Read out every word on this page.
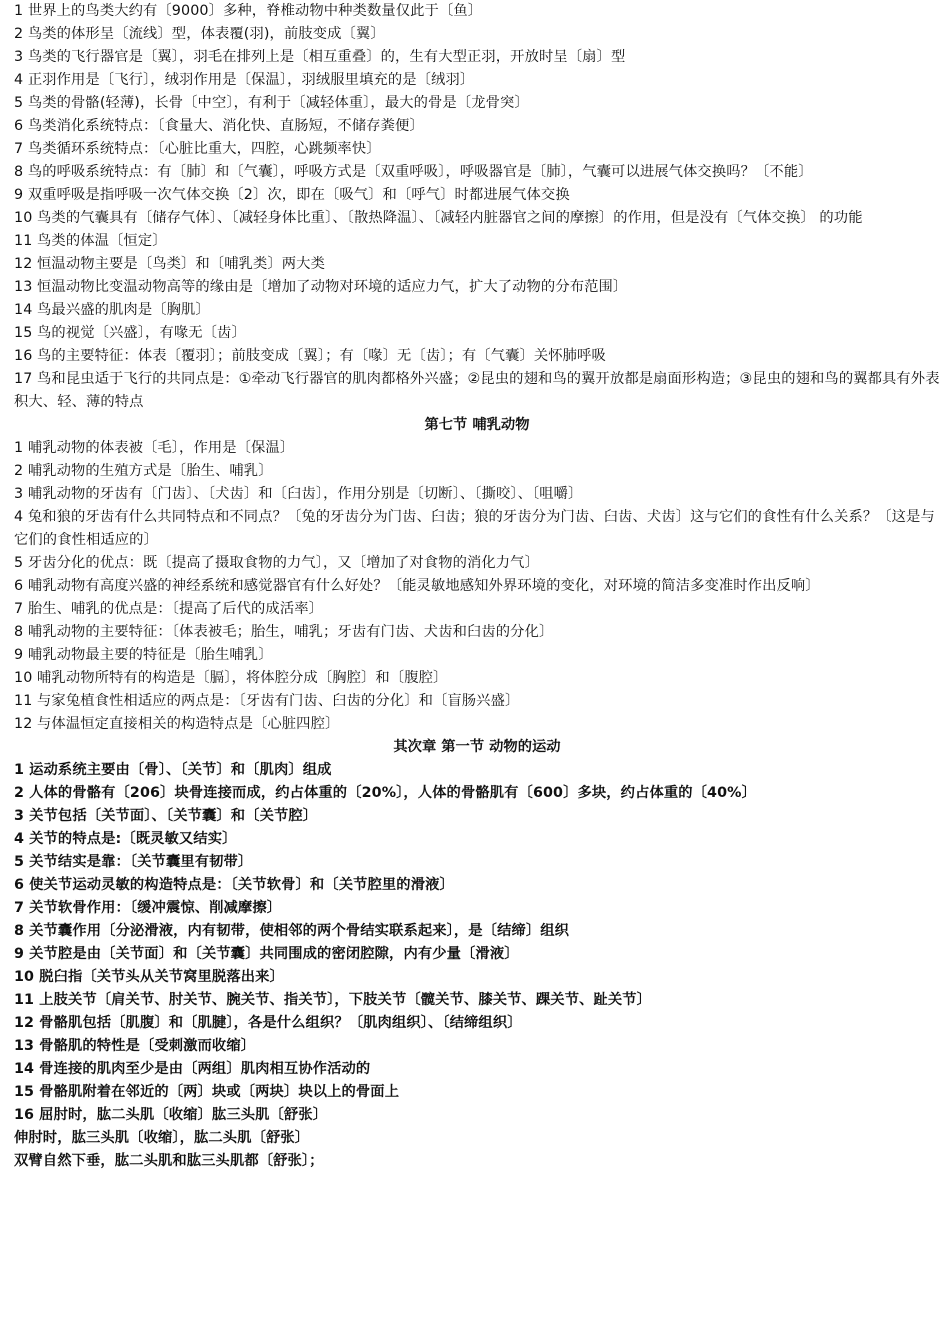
1 世界上的鸟类大约有〔9000〕多种，脊椎动物中种类数量仅此于〔鱼〕
2 鸟类的体形呈〔流线〕型，体表覆(羽)，前肢变成〔翼〕
3 鸟类的飞行器官是〔翼〕，羽毛在排列上是〔相互重叠〕的，生有大型正羽，开放时呈〔扇〕型
4 正羽作用是〔飞行〕，绒羽作用是〔保温〕，羽绒服里填充的是〔绒羽〕
5 鸟类的骨骼(轻薄)，长骨〔中空〕，有利于〔减轻体重〕，最大的骨是〔龙骨突〕
6 鸟类消化系统特点：〔食量大、消化快、直肠短，不储存粪便〕
7 鸟类循环系统特点：〔心脏比重大，四腔，心跳频率快〕
8 鸟的呼吸系统特点：有〔肺〕和〔气囊〕，呼吸方式是〔双重呼吸〕，呼吸器官是〔肺〕，气囊可以进展气体交换吗？〔不能〕
9 双重呼吸是指呼吸一次气体交换〔2〕次，即在〔吸气〕和〔呼气〕时都进展气体交换
10 鸟类的气囊具有〔储存气体〕、〔减轻身体比重〕、〔散热降温〕、〔减轻内脏器官之间的摩擦〕的作用，但是没有〔气体交换〕 的功能
11 鸟类的体温〔恒定〕
12 恒温动物主要是〔鸟类〕和〔哺乳类〕两大类
13 恒温动物比变温动物高等的缘由是〔增加了动物对环境的适应力气，扩大了动物的分布范围〕
14 鸟最兴盛的肌肉是〔胸肌〕
15 鸟的视觉〔兴盛〕，有喙无〔齿〕
16 鸟的主要特征：体表〔覆羽〕；前肢变成〔翼〕；有〔喙〕无〔齿〕；有〔气囊〕关怀肺呼吸
17 鸟和昆虫适于飞行的共同点是：①牵动飞行器官的肌肉都格外兴盛；②昆虫的翅和鸟的翼开放都是扇面形构造；③昆虫的翅和鸟的翼都具有外表积大、轻、薄的特点
第七节 哺乳动物
1 哺乳动物的体表被〔毛〕，作用是〔保温〕
2 哺乳动物的生殖方式是〔胎生、哺乳〕
3 哺乳动物的牙齿有〔门齿〕、〔犬齿〕和〔臼齿〕，作用分别是〔切断〕、〔撕咬〕、〔咀嚼〕
4 兔和狼的牙齿有什么共同特点和不同点？〔兔的牙齿分为门齿、臼齿；狼的牙齿分为门齿、臼齿、犬齿〕这与它们的食性有什么关系？〔这是与它们的食性相适应的〕
5 牙齿分化的优点：既〔提高了摄取食物的力气〕，又〔增加了对食物的消化力气〕
6 哺乳动物有高度兴盛的神经系统和感觉器官有什么好处？〔能灵敏地感知外界环境的变化，对环境的简洁多变准时作出反响〕
7 胎生、哺乳的优点是：〔提高了后代的成活率〕
8 哺乳动物的主要特征：〔体表被毛；胎生，哺乳；牙齿有门齿、犬齿和臼齿的分化〕
9 哺乳动物最主要的特征是〔胎生哺乳〕
10 哺乳动物所特有的构造是〔膈〕，将体腔分成〔胸腔〕和〔腹腔〕
11 与家兔植食性相适应的两点是：〔牙齿有门齿、臼齿的分化〕和〔盲肠兴盛〕
12 与体温恒定直接相关的构造特点是〔心脏四腔〕
其次章 第一节 动物的运动
1 运动系统主要由〔骨〕、〔关节〕和〔肌肉〕组成
2 人体的骨骼有〔206〕块骨连接而成，约占体重的〔20%〕，人体的骨骼肌有〔600〕多块，约占体重的〔40%〕
3 关节包括〔关节面〕、〔关节囊〕和〔关节腔〕
4 关节的特点是:〔既灵敏又结实〕
5 关节结实是靠：〔关节囊里有韧带〕
6 使关节运动灵敏的构造特点是：〔关节软骨〕和〔关节腔里的滑液〕
7 关节软骨作用：〔缓冲震惊、削减摩擦〕
8 关节囊作用〔分泌滑液，内有韧带，使相邻的两个骨结实联系起来〕，是〔结缔〕组织
9 关节腔是由〔关节面〕和〔关节囊〕共同围成的密闭腔隙，内有少量〔滑液〕
10 脱臼指〔关节头从关节窝里脱落出来〕
11 上肢关节〔肩关节、肘关节、腕关节、指关节〕，下肢关节〔髋关节、膝关节、踝关节、趾关节〕
12 骨骼肌包括〔肌腹〕和〔肌腱〕，各是什么组织？〔肌肉组织〕、〔结缔组织〕
13 骨骼肌的特性是〔受刺激而收缩〕
14 骨连接的肌肉至少是由〔两组〕肌肉相互协作活动的
15 骨骼肌附着在邻近的〔两〕块或〔两块〕块以上的骨面上
16 屈肘时，肱二头肌〔收缩〕肱三头肌〔舒张〕
伸肘时，肱三头肌〔收缩〕，肱二头肌〔舒张〕
双臂自然下垂，肱二头肌和肱三头肌都〔舒张〕；
